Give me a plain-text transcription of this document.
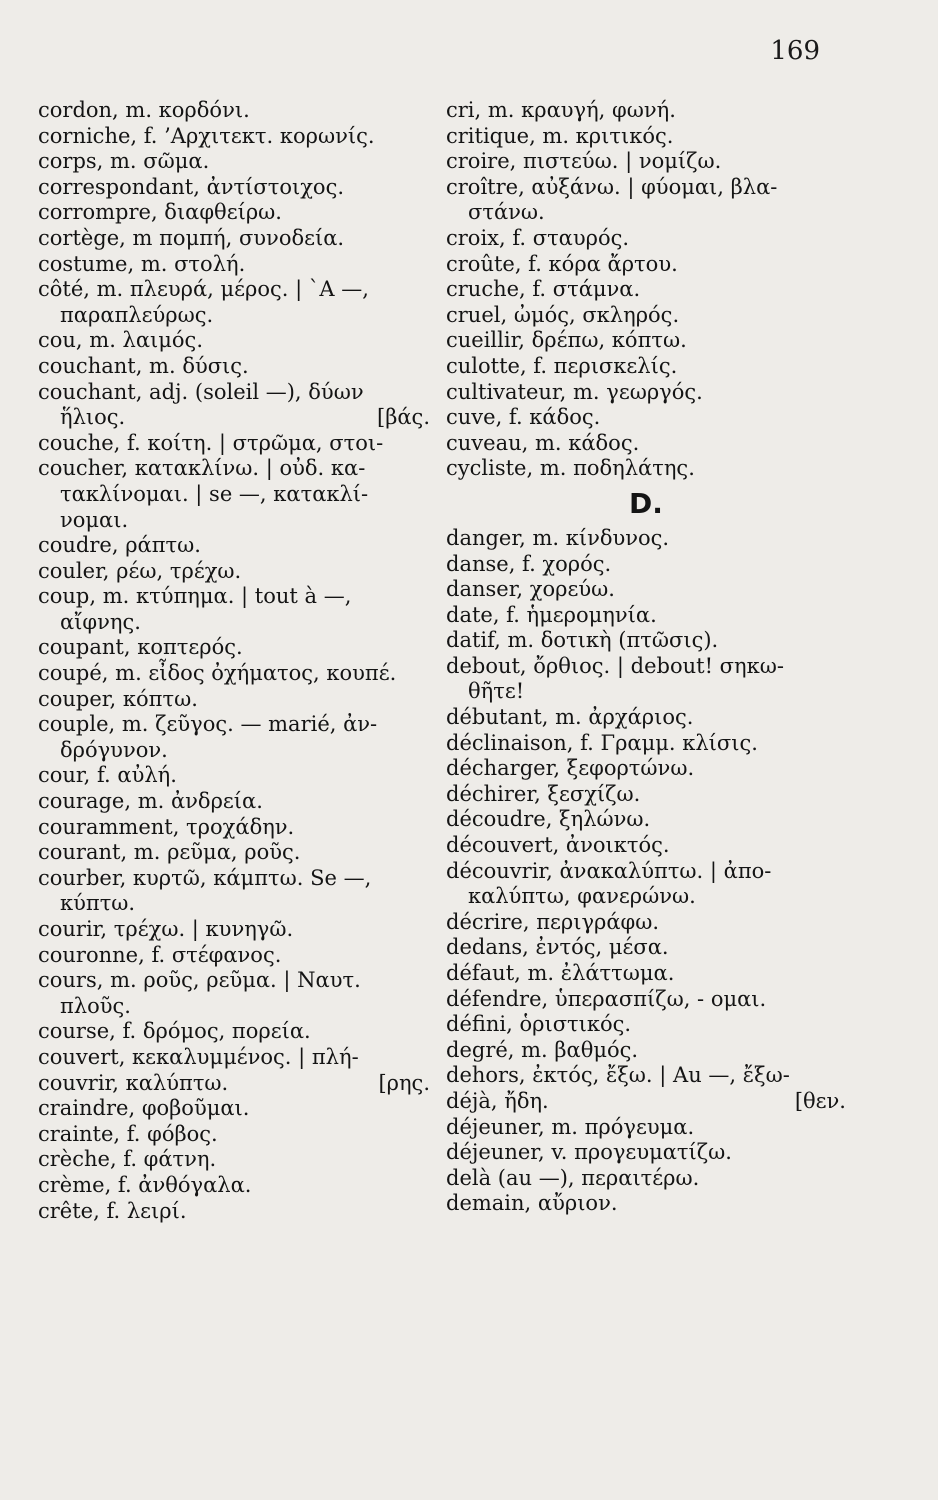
169
cordon, m. κορδόνι.
corniche, f. ’Αρχιτεκτ. κορωνίς.
corps, m. σῶμα.
correspondant, ἀντίστοιχος.
corrompre, διαφθείρω.
cortège, m πομπή, συνοδεία.
costume, m. στολή.
côté, m. πλευρά, μέρος. | `A —,
παραπλεύρως.
cou, m. λαιμός.
couchant, m. δύσις.
couchant, adj. (soleil —), δύων
ἥλιος.	[βάς.
couche, f. κοίτη. | στρῶμα, στοι-
coucher, κατακλίνω. | οὐδ. κα-
τακλίνομαι. | se —, κατακλί-
νομαι.
coudre, ράπτω.
couler, ρέω, τρέχω.
coup, m. κτύπημα. | tout à —,
αἴφνης.
coupant, κοπτερός.
coupé, m. εἶδος ὀχήματος, κουπέ.
couper, κόπτω.
couple, m. ζεῦγος. — marié, ἀν-
δρόγυνον.
cour, f. αὐλή.
courage, m. ἀνδρεία.
couramment, τροχάδην.
courant, m. ρεῦμα, ροῦς.
courber, κυρτῶ, κάμπτω. Se —,
κύπτω.
courir, τρέχω. | κυνηγῶ.
couronne, f. στέφανος.
cours, m. ροῦς, ρεῦμα. | Ναυτ.
πλοῦς.
course, f. δρόμος, πορεία.
couvert, κεκαλυμμένος. | πλή-
couvrir, καλύπτω.	[ρης.
craindre, φοβοῦμαι.
crainte, f. φόβος.
crèche, f. φάτνη.
crème, f. ἀνθόγαλα.
crête, f. λειρί.
cri, m. κραυγή, φωνή.
critique, m. κριτικός.
croire, πιστεύω. | νομίζω.
croître, αὐξάνω. | φύομαι, βλα-
στάνω.
croix, f. σταυρός.
croûte, f. κόρα ἄρτου.
cruche, f. στάμνα.
cruel, ὠμός, σκληρός.
cueillir, δρέπω, κόπτω.
culotte, f. περισκελίς.
cultivateur, m. γεωργός.
cuve, f. κάδος.
cuveau, m. κάδος.
cycliste, m. ποδηλάτης.
D.
danger, m. κίνδυνος.
danse, f. χορός.
danser, χορεύω.
date, f. ἡμερομηνία.
datif, m. δοτικὴ (πτῶσις).
debout, ὄρθιος. | debout! σηκω-
θῆτε!
débutant, m. ἀρχάριος.
déclinaison, f. Γραμμ. κλίσις.
décharger, ξεφορτώνω.
déchirer, ξεσχίζω.
découdre, ξηλώνω.
découvert, ἀνοικτός.
découvrir, ἀνακαλύπτω. | ἀπο-
καλύπτω, φανερώνω.
décrire, περιγράφω.
dedans, ἐντός, μέσα.
défaut, m. ἐλάττωμα.
défendre, ὑπερασπίζω, - ομαι.
défini, ὁριστικός.
degré, m. βαθμός.
dehors, ἐκτός, ἔξω. | Au —, ἔξω-
déjà, ἤδη.	[θεν.
déjeuner, m. πρόγευμα.
déjeuner, v. προγευματίζω.
delà (au —), περαιτέρω.
demain, αὔριον.
